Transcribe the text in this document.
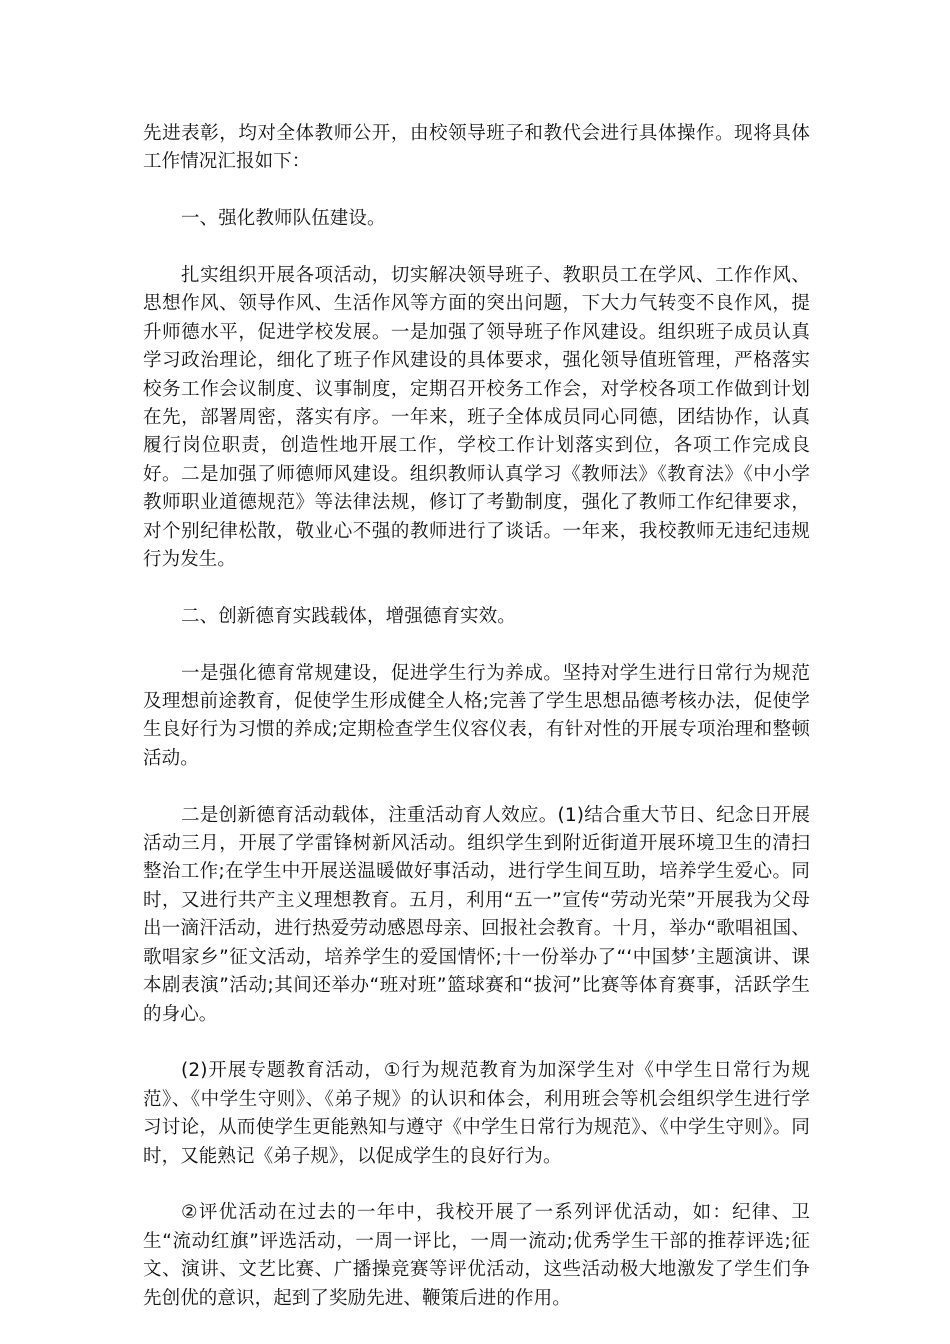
先进表彰，均对全体教师公开，由校领导班子和教代会进行具体操作。现将具体工作情况汇报如下：

一、强化教师队伍建设。

扎实组织开展各项活动，切实解决领导班子、教职员工在学风、工作作风、思想作风、领导作风、生活作风等方面的突出问题，下大力气转变不良作风，提升师德水平，促进学校发展。一是加强了领导班子作风建设。组织班子成员认真学习政治理论，细化了班子作风建设的具体要求，强化领导值班管理，严格落实校务工作会议制度、议事制度，定期召开校务工作会，对学校各项工作做到计划在先，部署周密，落实有序。一年来，班子全体成员同心同德，团结协作，认真履行岗位职责，创造性地开展工作，学校工作计划落实到位，各项工作完成良好。二是加强了师德师风建设。组织教师认真学习《教师法》《教育法》《中小学教师职业道德规范》等法律法规，修订了考勤制度，强化了教师工作纪律要求，对个别纪律松散，敬业心不强的教师进行了谈话。一年来，我校教师无违纪违规行为发生。

二、创新德育实践载体，增强德育实效。

一是强化德育常规建设，促进学生行为养成。坚持对学生进行日常行为规范及理想前途教育，促使学生形成健全人格;完善了学生思想品德考核办法，促使学生良好行为习惯的养成;定期检查学生仪容仪表，有针对性的开展专项治理和整顿活动。

二是创新德育活动载体，注重活动育人效应。(1)结合重大节日、纪念日开展活动三月，开展了学雷锋树新风活动。组织学生到附近街道开展环境卫生的清扫整治工作;在学生中开展送温暖做好事活动，进行学生间互助，培养学生爱心。同时，又进行共产主义理想教育。五月，利用“五一”宣传“劳动光荣”开展我为父母出一滴汗活动，进行热爱劳动感恩母亲、回报社会教育。十月，举办“歌唱祖国、歌唱家乡”征文活动，培养学生的爱国情怀;十一份举办了“‘中国梦’主题演讲、课本剧表演”活动;其间还举办“班对班”篮球赛和“拔河”比赛等体育赛事，活跃学生的身心。

(2)开展专题教育活动，①行为规范教育为加深学生对《中学生日常行为规范》、《中学生守则》、《弟子规》的认识和体会，利用班会等机会组织学生进行学习讨论，从而使学生更能熟知与遵守《中学生日常行为规范》、《中学生守则》。同时，又能熟记《弟子规》，以促成学生的良好行为。

②评优活动在过去的一年中，我校开展了一系列评优活动，如：纪律、卫生“流动红旗”评选活动，一周一评比，一周一流动;优秀学生干部的推荐评选;征文、演讲、文艺比赛、广播操竞赛等评优活动，这些活动极大地激发了学生们争先创优的意识，起到了奖励先进、鞭策后进的作用。
